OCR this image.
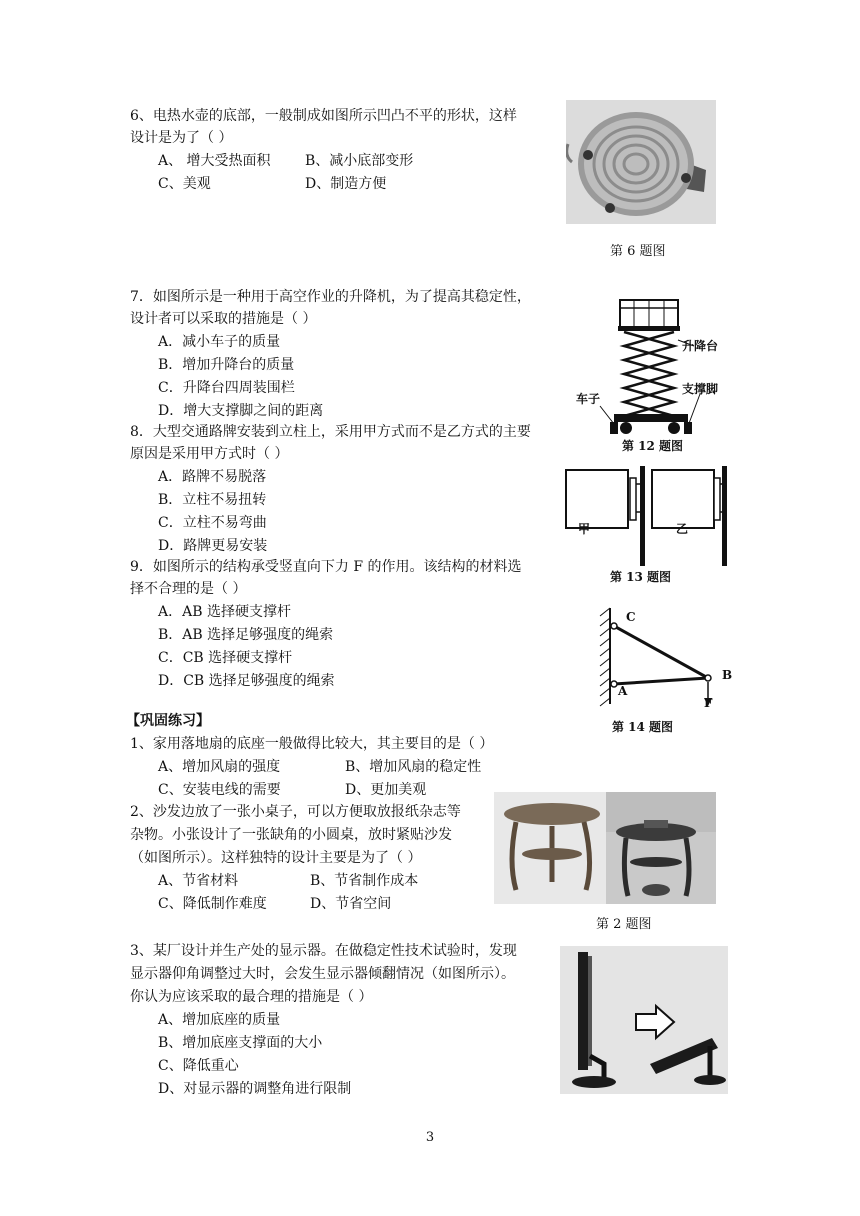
6、电热水壶的底部，一般制成如图所示凹凸不平的形状，这样
设计是为了（ ）
A、 增大受热面积 B、减小底部变形
C、美观	D、制造方便
第 6 题图
7．如图所示是一种用于高空作业的升降机，为了提高其稳定性，
设计者可以采取的措施是（ ）
A．减小车子的质量
B．增加升降台的质量
C．升降台四周装围栏
D．增大支撑脚之间的距离
升降台
支撑脚
车子
第 12 题图
8．大型交通路牌安装到立柱上，采用甲方式而不是乙方式的主要
原因是采用甲方式时（ ）
A．路牌不易脱落
B．立柱不易扭转
C．立柱不易弯曲
D．路牌更易安装
甲	乙
第 13 题图
9．如图所示的结构承受竖直向下力 F 的作用。该结构的材料选
择不合理的是（ ）
A．AB 选择硬支撑杆
B．AB 选择足够强度的绳索
C．CB 选择硬支撑杆
D．CB 选择足够强度的绳索
C
A
B
F
第 14 题图
【巩固练习】
1、家用落地扇的底座一般做得比较大，其主要目的是（ ）
A、增加风扇的强度	B、增加风扇的稳定性
C、安装电线的需要	D、更加美观
2、沙发边放了一张小桌子，可以方便取放报纸杂志等
杂物。小张设计了一张缺角的小圆桌，放时紧贴沙发
（如图所示）。这样独特的设计主要是为了（ ）
A、节省材料	B、节省制作成本
C、降低制作难度	D、节省空间
第 2 题图
3、某厂设计并生产处的显示器。在做稳定性技术试验时，发现
显示器仰角调整过大时，会发生显示器倾翻情况（如图所示）。
你认为应该采取的最合理的措施是（ ）
A、增加底座的质量
B、增加底座支撑面的大小
C、降低重心
D、对显示器的调整角进行限制
3
